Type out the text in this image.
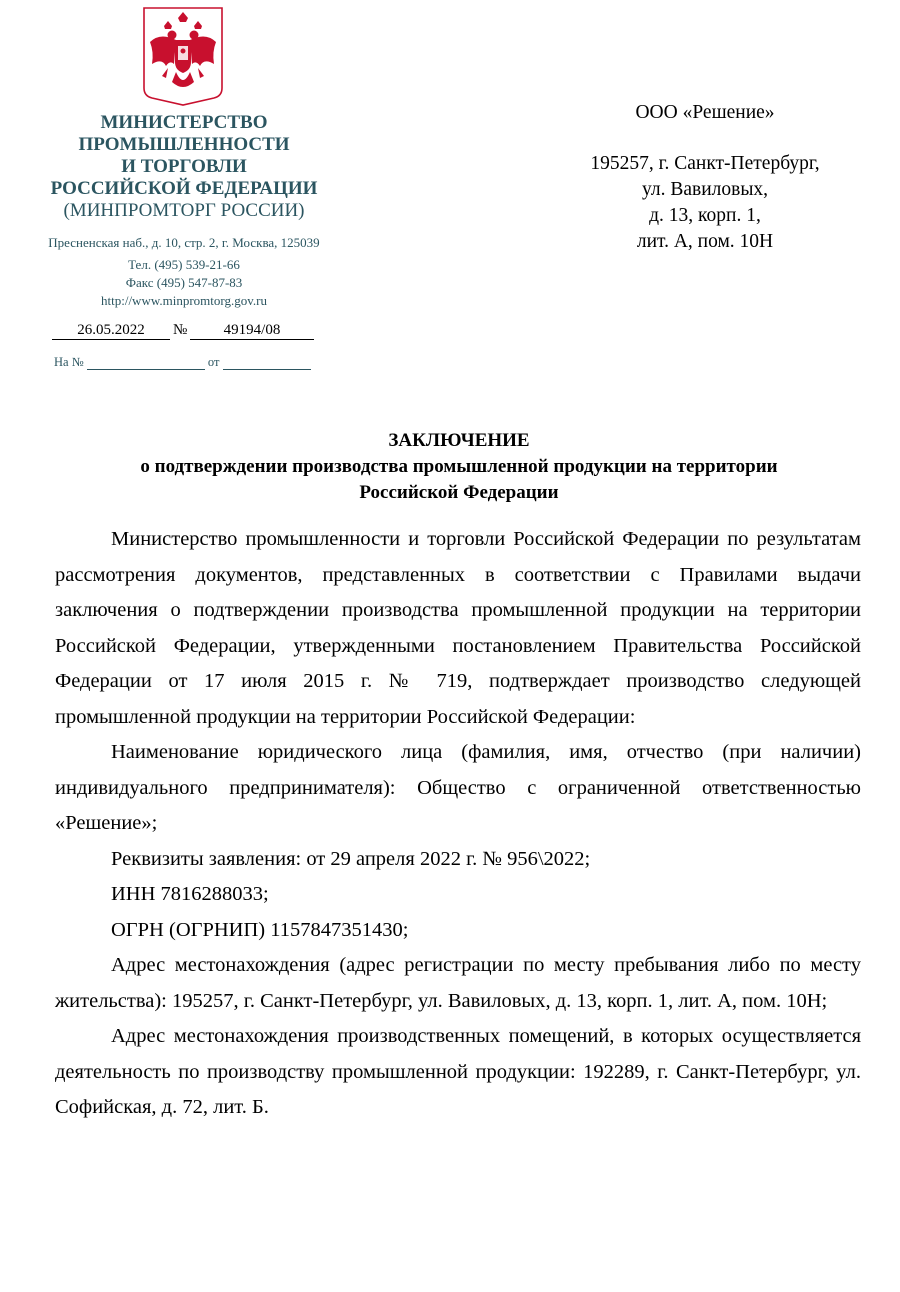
МИНИСТЕРСТВО
ПРОМЫШЛЕННОСТИ
И ТОРГОВЛИ
РОССИЙСКОЙ ФЕДЕРАЦИИ
(МИНПРОМТОРГ РОССИИ)
Пресненская наб., д. 10, стр. 2, г. Москва, 125039
Тел. (495) 539-21-66
Факс (495) 547-87-83
http://www.minpromtorg.gov.ru
26.05.2022	№	49194/08
На №	от
ООО «Решение»
195257, г. Санкт-Петербург,
ул. Вавиловых,
д. 13, корп. 1,
лит. А, пом. 10Н
ЗАКЛЮЧЕНИЕ
о подтверждении производства промышленной продукции на территории
Российской Федерации

Министерство промышленности и торговли Российской Федерации по результатам рассмотрения документов, представленных в соответствии с Правилами выдачи заключения о подтверждении производства промышленной продукции на территории Российской Федерации, утвержденными постановлением Правительства Российской Федерации от 17 июля 2015 г. № 719, подтверждает производство следующей промышленной продукции на территории Российской Федерации:

Наименование юридического лица (фамилия, имя, отчество (при наличии) индивидуального предпринимателя): Общество с ограниченной ответственностью «Решение»;

Реквизиты заявления: от 29 апреля 2022 г. № 956\2022;

ИНН 7816288033;

ОГРН (ОГРНИП) 1157847351430;

Адрес местонахождения (адрес регистрации по месту пребывания либо по месту жительства): 195257, г. Санкт-Петербург, ул. Вавиловых, д. 13, корп. 1, лит. А, пом. 10Н;

Адрес местонахождения производственных помещений, в которых осуществляется деятельность по производству промышленной продукции: 192289, г. Санкт-Петербург, ул. Софийская, д. 72, лит. Б.
